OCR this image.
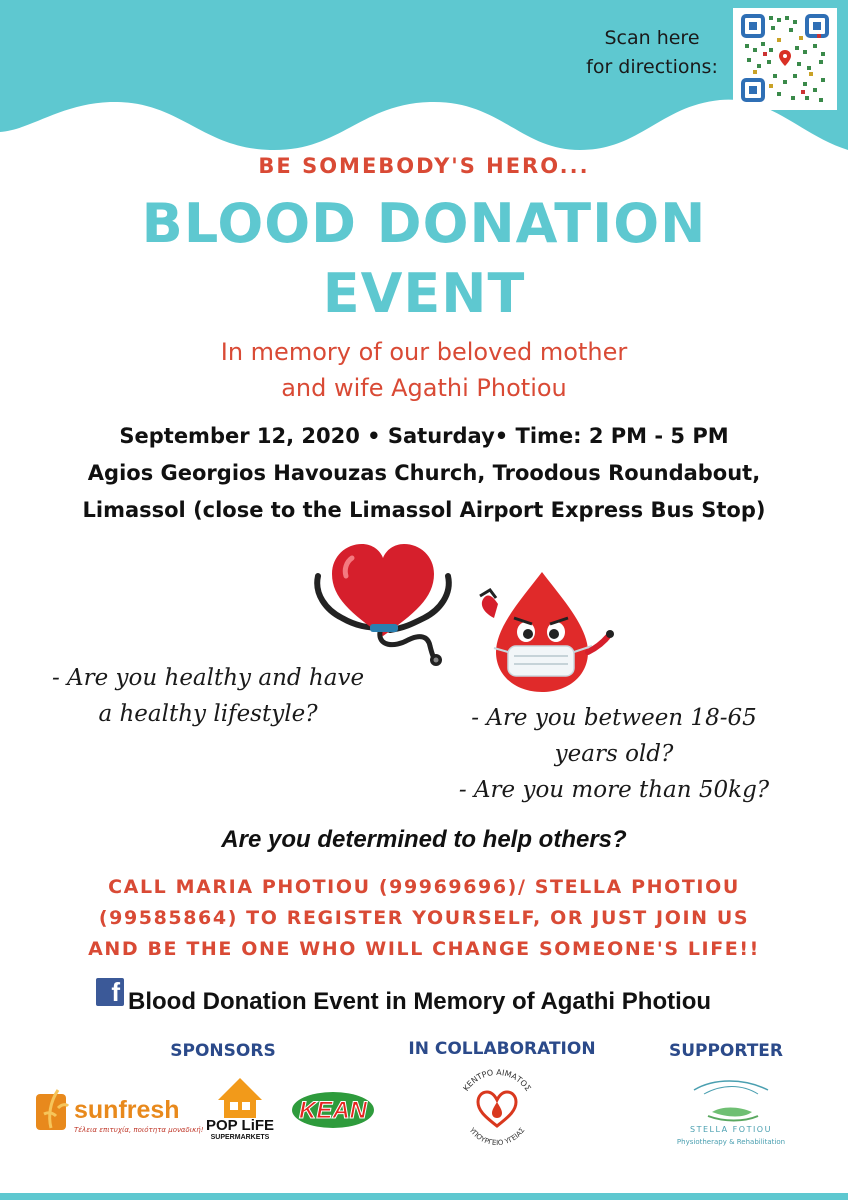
Scan here
for directions:
BE SOMEBODY'S HERO...
BLOOD DONATION
EVENT
In memory of our beloved mother
and wife Agathi Photiou
September 12, 2020 • Saturday• Time: 2 PM - 5 PM
Agios Georgios Havouzas Church, Troodous Roundabout,
Limassol (close to the Limassol Airport Express Bus Stop)
- Are you healthy and have
a healthy lifestyle?	- Are you between 18-65
years old?
- Are you more than 50kg?
Are you determined to help others?
CALL MARIA PHOTIOU (99969696)/ STELLA PHOTIOU
(99585864) TO REGISTER YOURSELF, OR JUST JOIN US
AND BE THE ONE WHO WILL CHANGE SOMEONE'S LIFE!!
f Blood Donation Event in Memory of Agathi Photiou
SPONSORS	IN COLLABORATION	SUPPORTER
sunfresh
Τέλεια επιτυχία, ποιότητα μοναδική! POP LiFE
SUPERMARKETS
KEAN
ΚΕΝΤΡΟ ΑΙΜΑΤΟΣ
ΥΠΟΥΡΓΕΙΟ ΥΓΕΙΑΣ	STELLA FOTIOU
Physiotherapy & Rehabilitation
